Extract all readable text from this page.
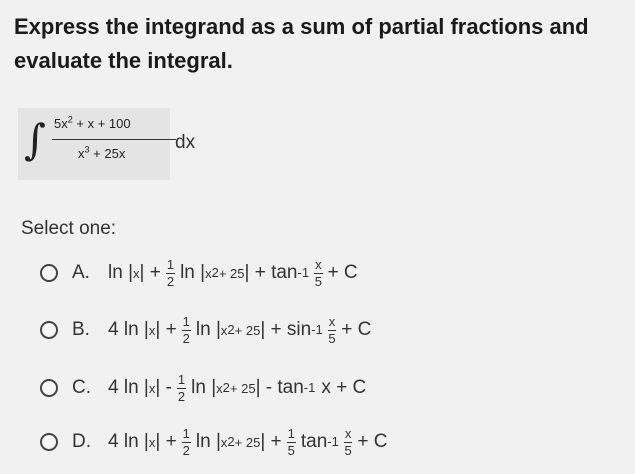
Express the integrand as a sum of partial fractions and evaluate the integral.
∫ $5x^2 + x + 100$
$x^3 + 25x$
dx
Select one:
A. ln | x | + $\frac{1}{2}$ ln | x 2 + 25 | + tan -1
x
5 + C
B. 4 ln | x | + $\frac{1}{2}$ ln | x 2 + 25 | + sin -1
x
5 + C
C. 4 ln | x | - 1
2 ln | x 2 + 25 | - tan -1 x + C
D. 4 ln | x | + $\frac{1}{2}$ ln | x 2 + 25 | + $\frac{1}{5}$ tan -1
x
5 + C
